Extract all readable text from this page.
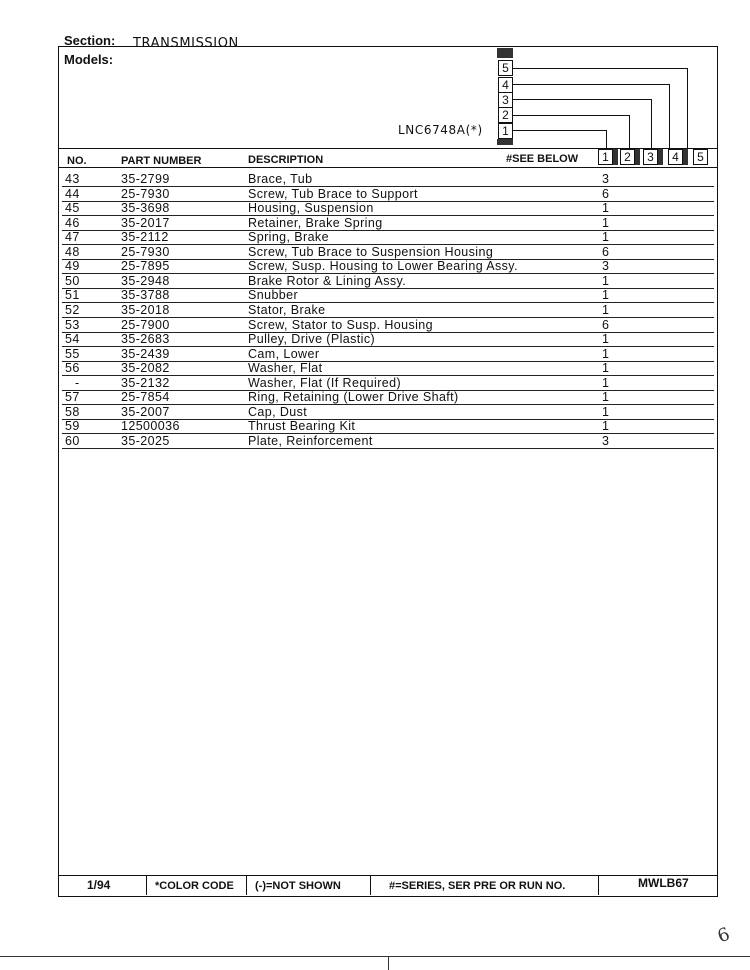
Section: TRANSMISSION
Models:
LNC6748A(*)
5
4
3
2
1
NO.	PART NUMBER	DESCRIPTION	#SEE BELOW	1	2	3	4	5
43	35-2799	Brace, Tub	3
44	25-7930	Screw, Tub Brace to Support	6
45	35-3698	Housing, Suspension	1
46	35-2017	Retainer, Brake Spring	1
47	35-2112	Spring, Brake	1
48	25-7930	Screw, Tub Brace to Suspension Housing	6
49	25-7895	Screw, Susp. Housing to Lower Bearing Assy.	3
50	35-2948	Brake Rotor & Lining Assy.	1
51	35-3788	Snubber	1
52	35-2018	Stator, Brake	1
53	25-7900	Screw, Stator to Susp. Housing	6
54	35-2683	Pulley, Drive (Plastic)	1
55	35-2439	Cam, Lower	1
56	35-2082	Washer, Flat	1
-	35-2132	Washer, Flat (If Required)	1
57	25-7854	Ring, Retaining (Lower Drive Shaft)	1
58	35-2007	Cap, Dust	1
59	12500036	Thrust Bearing Kit	1
60	35-2025	Plate, Reinforcement	3
1/94	*COLOR CODE (-)=NOT SHOWN	#=SERIES, SER PRE OR RUN NO.	MWLB67
6
